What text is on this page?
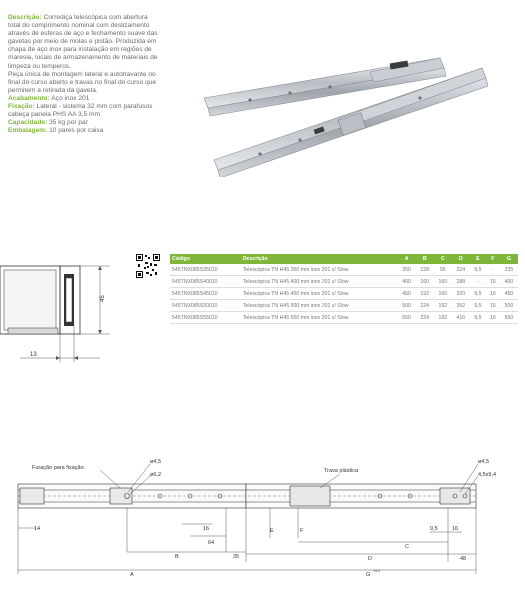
Descrição: Corrediça telescópica com abertura total do comprimento nominal com deslizamento através de esferas de aço e fechamento suave das gavetas por meio de molas e pistão. Produzida em chapa de aço inox para instalação em regiões de maresia, locais de armazenamento de materiais de limpeza ou temperos.

Peça única de montagem lateral e autotravante no final do curso aberto e travas no final do curso que permitem a retirada da gaveta.

Acabamento: Aço inox 201

Fixação: Lateral - sistema 32 mm com parafusos cabeça panela PHS AA 3,5 mm

Capacidade: 35 kg por par

Embalagem: 10 pares por caixa

45
13
Código	Descrição	A	B	C	D	E	F	G
545TNX085S35010	Telescópica TN H45 350 mm inox 201 c/ Slow	350	128	96	224	9,5	-	335
545TNX085S40010	Telescópica TN H45 400 mm inox 201 c/ Slow	400	160	160	288	-	16	400
545TNX085S45010	Telescópica TN H45 450 mm inox 201 c/ Slow	450	192	160	320	9,5	16	450
545TNX085S50010	Telescópica TN H45 500 mm inox 201 c/ Slow	500	224	192	352	9,5	16	500
545TNX085S55010	Telescópica TN H45 550 mm inox 201 c/ Slow	550	224	192	416	9,5	16	550
Furação para fixação
ø4,5
ø6,2
Trava plástica
ø4,5
4,5x9,4
14	16
64
B	35
A
E	F
C
9,5	16
D	48
G
+3,0
